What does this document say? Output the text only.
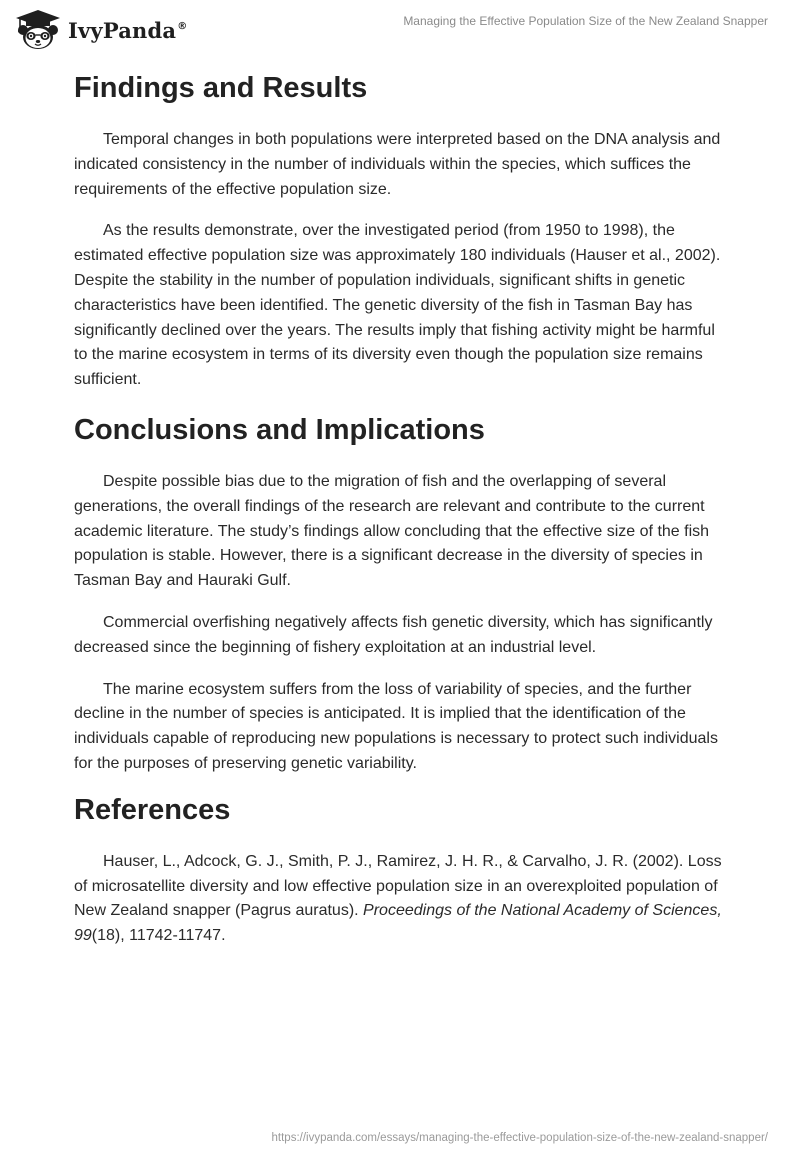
IvyPanda®	Managing the Effective Population Size of the New Zealand Snapper
Findings and Results

Temporal changes in both populations were interpreted based on the DNA analysis and indicated consistency in the number of individuals within the species, which suffices the requirements of the effective population size.

As the results demonstrate, over the investigated period (from 1950 to 1998), the estimated effective population size was approximately 180 individuals (Hauser et al., 2002). Despite the stability in the number of population individuals, significant shifts in genetic characteristics have been identified. The genetic diversity of the fish in Tasman Bay has significantly declined over the years. The results imply that fishing activity might be harmful to the marine ecosystem in terms of its diversity even though the population size remains sufficient.

Conclusions and Implications

Despite possible bias due to the migration of fish and the overlapping of several generations, the overall findings of the research are relevant and contribute to the current academic literature. The study’s findings allow concluding that the effective size of the fish population is stable. However, there is a significant decrease in the diversity of species in Tasman Bay and Hauraki Gulf.

Commercial overfishing negatively affects fish genetic diversity, which has significantly decreased since the beginning of fishery exploitation at an industrial level.

The marine ecosystem suffers from the loss of variability of species, and the further decline in the number of species is anticipated. It is implied that the identification of the individuals capable of reproducing new populations is necessary to protect such individuals for the purposes of preserving genetic variability.

References

Hauser, L., Adcock, G. J., Smith, P. J., Ramirez, J. H. R., & Carvalho, J. R. (2002). Loss of microsatellite diversity and low effective population size in an overexploited population of New Zealand snapper (Pagrus auratus). Proceedings of the National Academy of Sciences, 99(18), 11742-11747.

https://ivypanda.com/essays/managing-the-effective-population-size-of-the-new-zealand-snapper/
